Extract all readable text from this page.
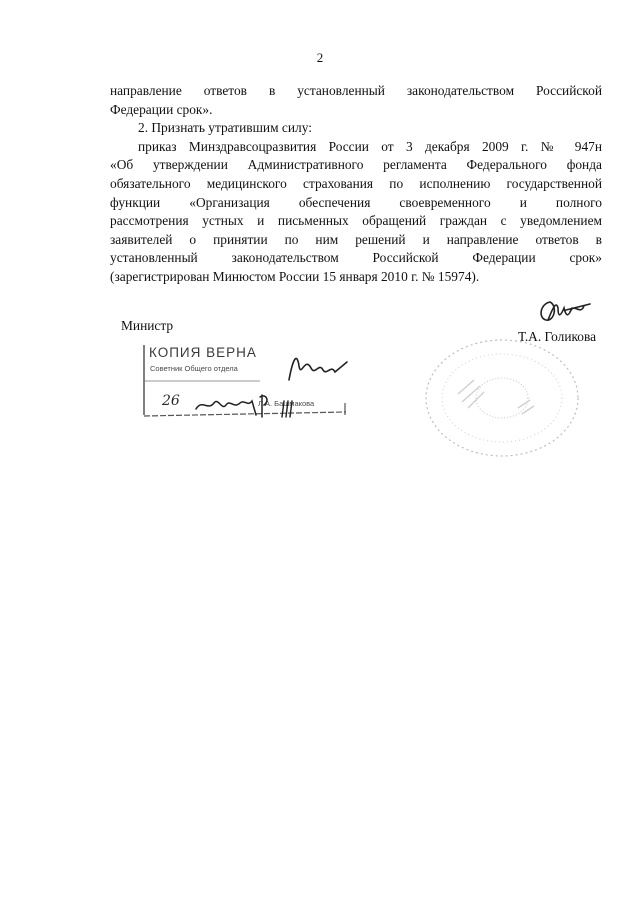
2
направление ответов в установленный законодательством Российской
Федерации срок».
2. Признать утратившим силу:
приказ Минздравсоцразвития России от 3 декабря 2009 г. № 947н
«Об утверждении Административного регламента Федерального фонда
обязательного медицинского страхования по исполнению государственной
функции «Организация обеспечения своевременного и полного
рассмотрения устных и письменных обращений граждан с уведомлением
заявителей о принятии по ним решений и направление ответов в
установленный законодательством Российской Федерации срок»
(зарегистрирован Минюстом России 15 января 2010 г. № 15974).
Министр
Т.А. Голикова
КОПИЯ ВЕРНА
Советник Общего отдела
26	Л.А. Башмакова
